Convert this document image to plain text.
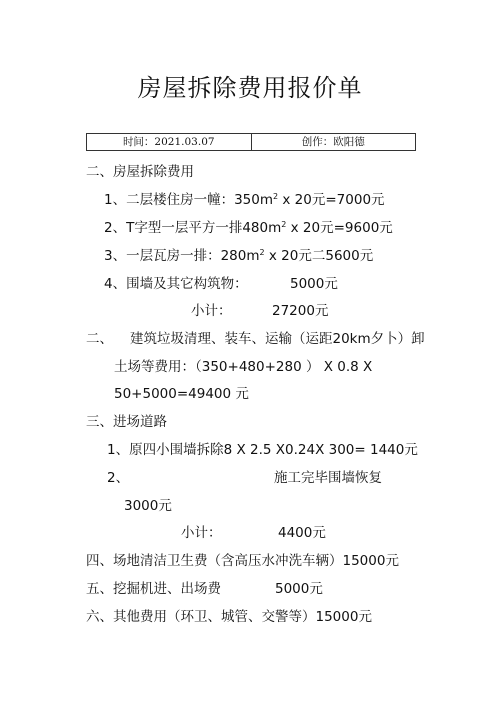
房屋拆除费用报价单
时间：2021.03.07	创作：欧阳德
二、房屋拆除费用
1、二层楼住房一幢：$350m^2$ x 20元=7000元
2、T字型一层平方一排$480m^2$ x 20元=9600元
3、一层瓦房一排：$280m^2$ x 20元二5600元
4、围墙及其它构筑物：	5000元
小计：	27200元
二、 建筑垃圾清理、装车、运输（运距20km夕卜）卸
土场等费用：（350+480+280 ） X 0.8 X
50+5000=49400 元
三、进场道路
1、原四小围墙拆除8 X 2.5 X0.24X 300= 1440元
2、	施工完毕围墙恢复
3000元
小计：	4400元
四、场地清洁卫生费（含高压水冲洗车辆）15000元
五、挖掘机进、出场费	5000元
六、其他费用（环卫、城管、交警等）15000元
